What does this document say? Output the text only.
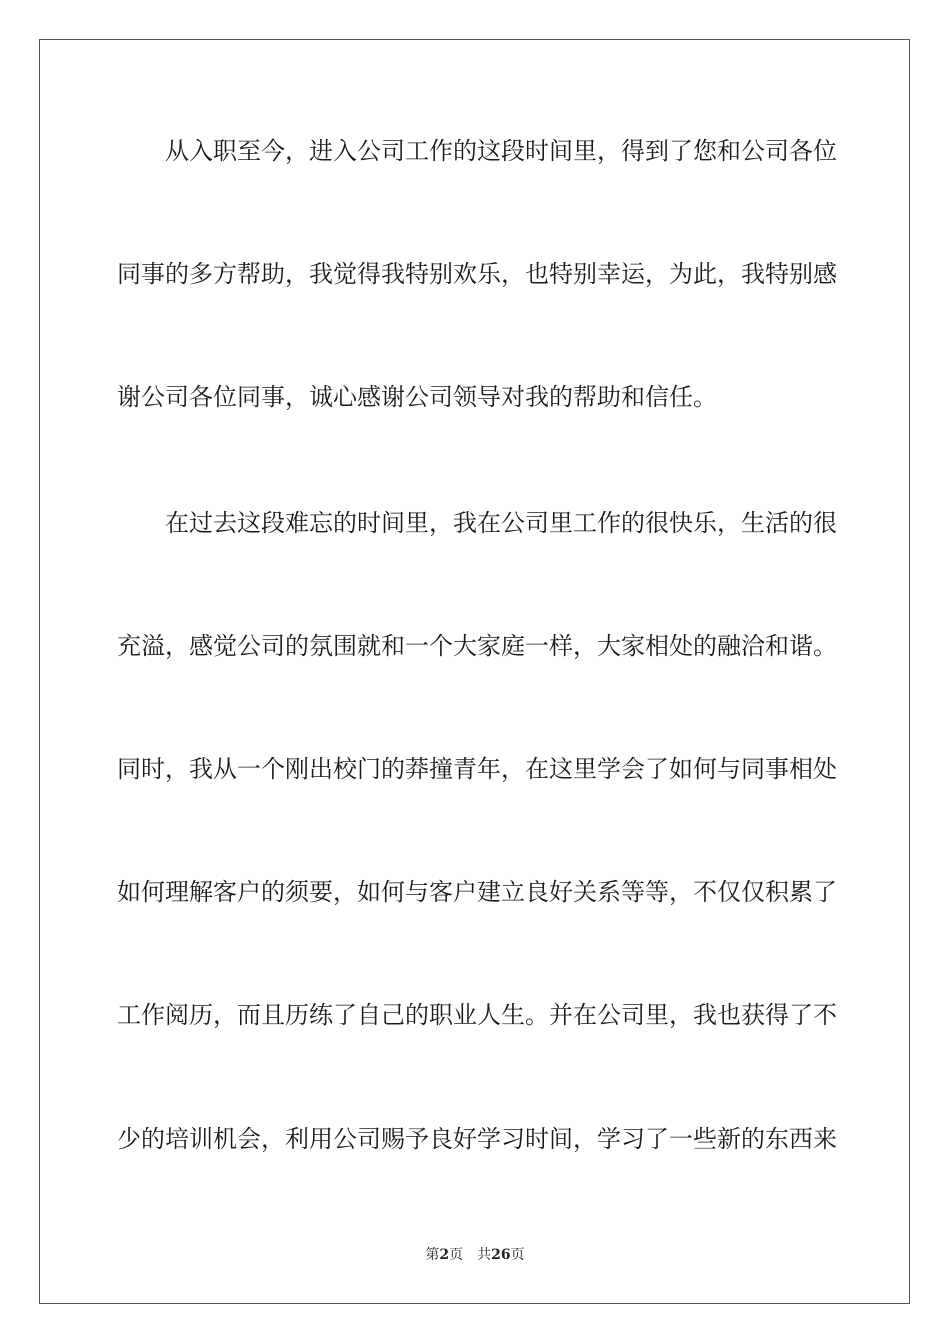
从入职至今，进入公司工作的这段时间里，得到了您和公司各位
同事的多方帮助，我觉得我特别欢乐，也特别幸运，为此，我特别感
谢公司各位同事，诚心感谢公司领导对我的帮助和信任。
在过去这段难忘的时间里，我在公司里工作的很快乐，生活的很
充溢，感觉公司的氛围就和一个大家庭一样，大家相处的融洽和谐。
同时，我从一个刚出校门的莽撞青年，在这里学会了如何与同事相处
如何理解客户的须要，如何与客户建立良好关系等等，不仅仅积累了
工作阅历，而且历练了自己的职业人生。并在公司里，我也获得了不
少的培训机会，利用公司赐予良好学习时间，学习了一些新的东西来
第2页 共26页
